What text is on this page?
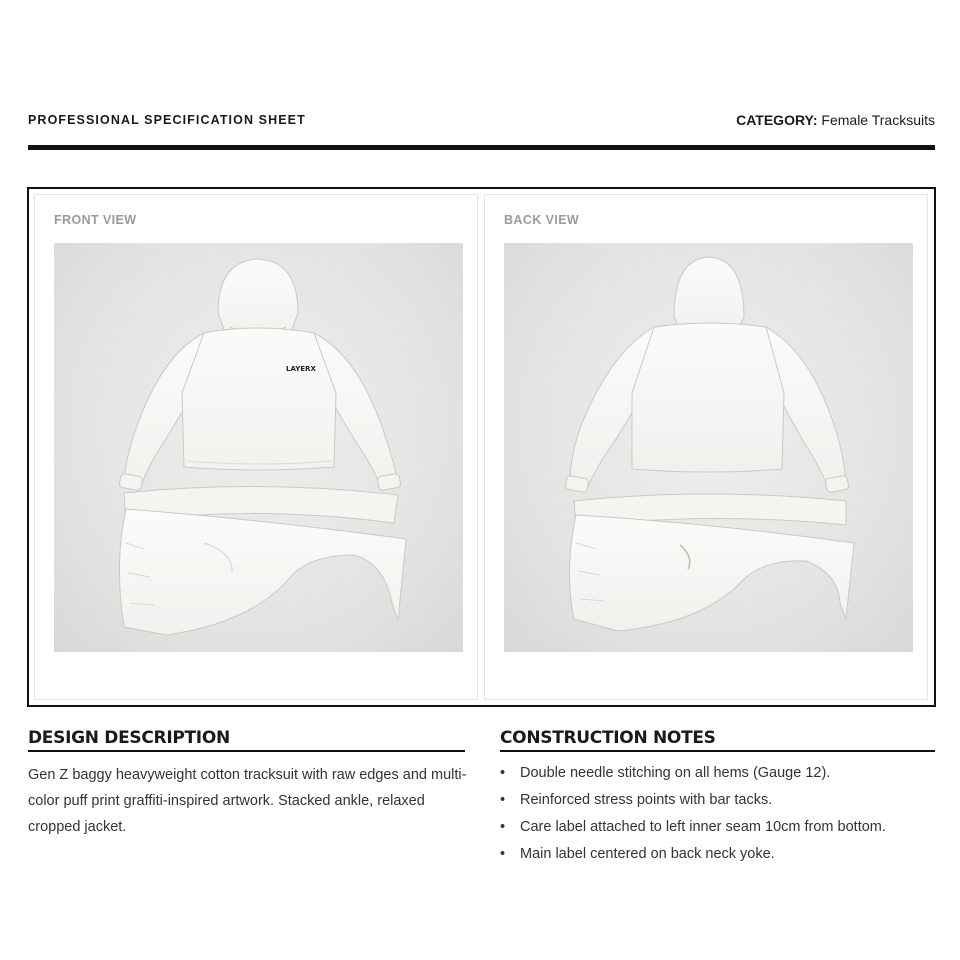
PROFESSIONAL SPECIFICATION SHEET	CATEGORY: Female Tracksuits
FRONT VIEW
LAYERX
BACK VIEW
DESIGN DESCRIPTION
Gen Z baggy heavyweight cotton tracksuit with raw edges and multi-color puff print graffiti-inspired artwork. Stacked ankle, relaxed cropped jacket.
CONSTRUCTION NOTES
• Double needle stitching on all hems (Gauge 12).
• Reinforced stress points with bar tacks.
• Care label attached to left inner seam 10cm from bottom.
• Main label centered on back neck yoke.
